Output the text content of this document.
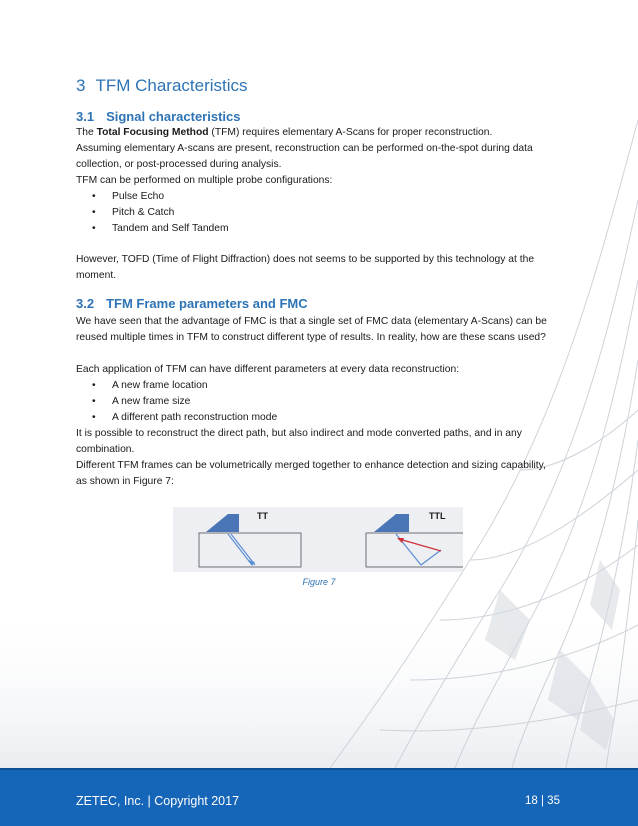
3 TFM Characteristics
3.1 Signal characteristics

The Total Focusing Method (TFM) requires elementary A-Scans for proper reconstruction.

Assuming elementary A-scans are present, reconstruction can be performed on-the-spot during data
collection, or post-processed during analysis.

TFM can be performed on multiple probe configurations:

• Pulse Echo
• Pitch & Catch
• Tandem and Self Tandem

However, TOFD (Time of Flight Diffraction) does not seems to be supported by this technology at the
moment.

3.2 TFM Frame parameters and FMC

We have seen that the advantage of FMC is that a single set of FMC data (elementary A-Scans) can be
reused multiple times in TFM to construct different type of results. In reality, how are these scans used?

Each application of TFM can have different parameters at every data reconstruction:

• A new frame location
• A new frame size
• A different path reconstruction mode

It is possible to reconstruct the direct path, but also indirect and mode converted paths, and in any
combination.

Different TFM frames can be volumetrically merged together to enhance detection and sizing capability,
as shown in Figure 7:

TT	TTL
Figure 7
ZETEC, Inc. | Copyright 2017	18 | 35
